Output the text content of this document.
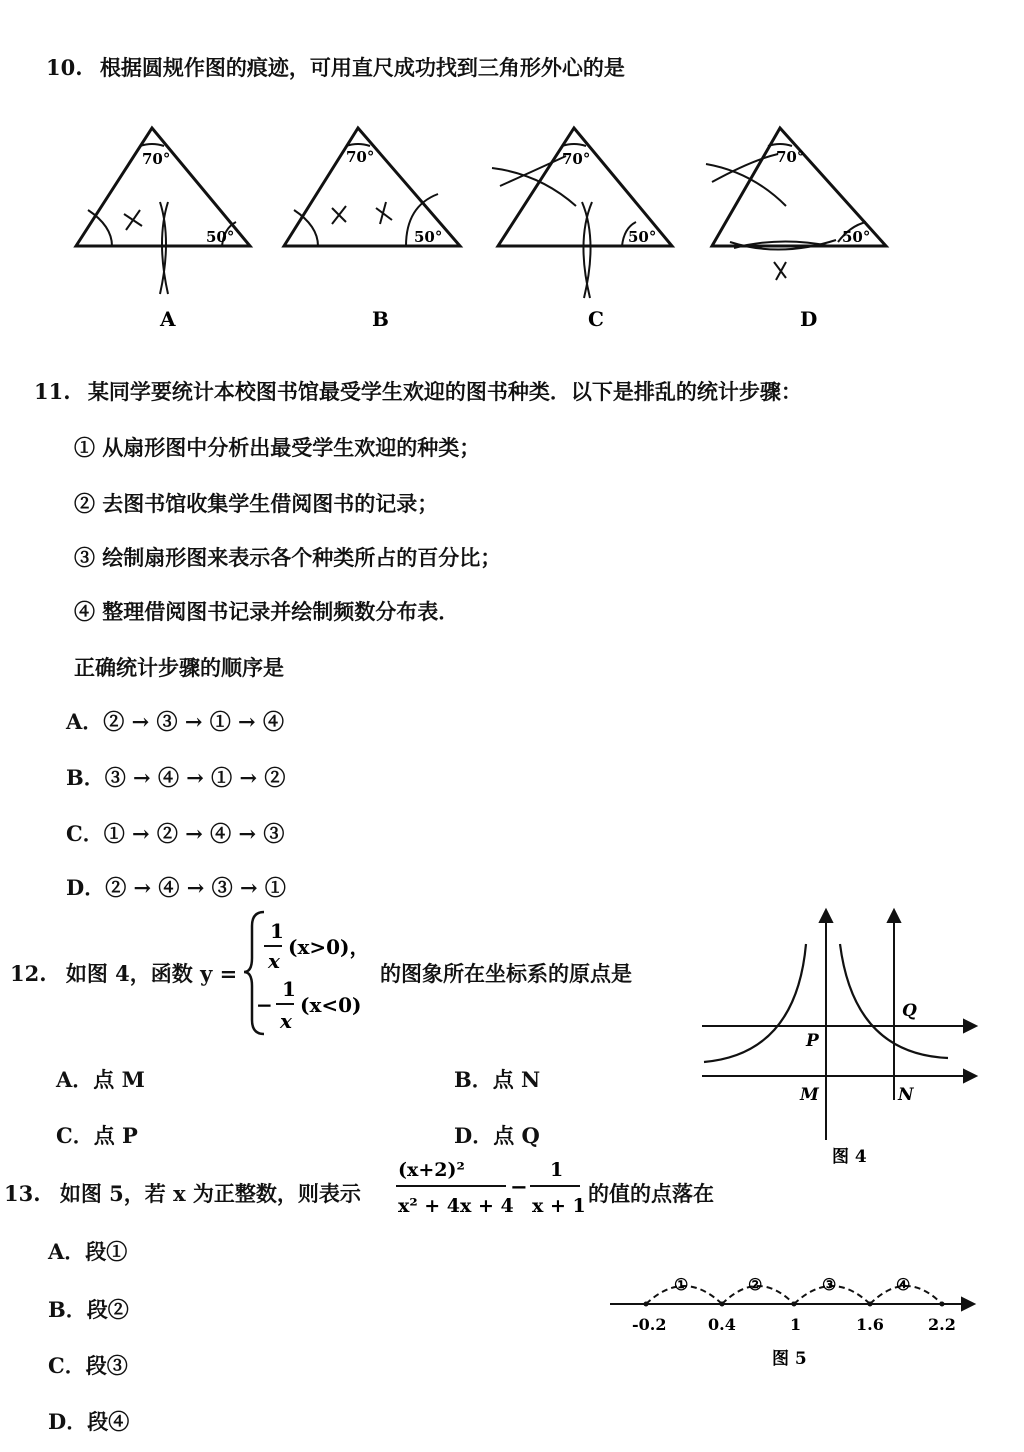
10. 根据圆规作图的痕迹，可用直尺成功找到三角形外心的是
70°
50°
70°
50°
70°
50°
70°
50°
A	B	C	D
11. 某同学要统计本校图书馆最受学生欢迎的图书种类．以下是排乱的统计步骤：
① 从扇形图中分析出最受学生欢迎的种类；
② 去图书馆收集学生借阅图书的记录；
③ 绘制扇形图来表示各个种类所占的百分比；
④ 整理借阅图书记录并绘制频数分布表．
正确统计步骤的顺序是
A．② → ③ → ① → ④
B．③ → ④ → ① → ②
C．① → ② → ④ → ③
D．② → ④ → ③ → ①
12. 如图 4，函数 y =
1
x
(x>0)，
−
1
x
(x<0)
的图象所在坐标系的原点是
A．点 M	B．点 N
C．点 P	D．点 Q
Q
P
M	N
图 4
13. 如图 5，若 x 为正整数，则表示
(x+2)²
x² + 4x + 4
−
1
x + 1 的值的点落在
A．段①
B．段②
C．段③
D．段④
①	②	③	④
-0.2	0.4	1	1.6	2.2
图 5
